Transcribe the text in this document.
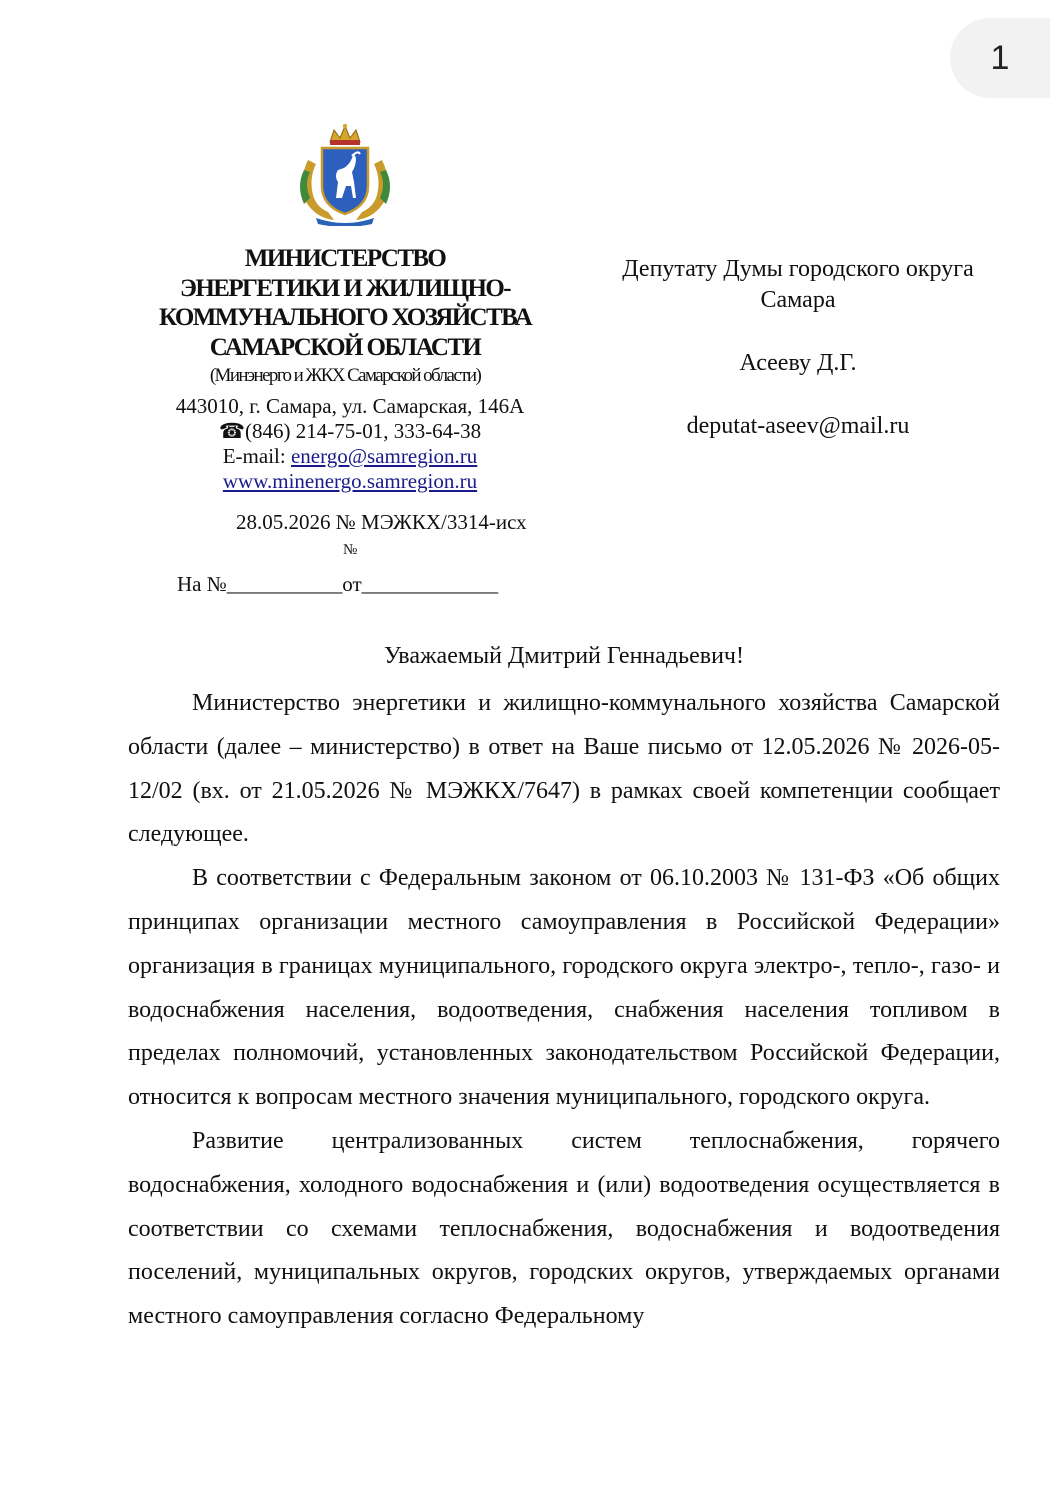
1
МИНИСТЕРСТВО
ЭНЕРГЕТИКИ И ЖИЛИЩНО-
КОММУНАЛЬНОГО ХОЗЯЙСТВА
САМАРСКОЙ ОБЛАСТИ
(Минэнерго и ЖКХ Самарской области)
443010, г. Самара, ул. Самарская, 146А
☎(846) 214-75-01, 333-64-38
E-mail: energo@samregion.ru
www.minenergo.samregion.ru
28.05.2026 № МЭЖКХ/3314-исх
№
На №___________от_____________
Депутату Думы городского округа
Самара
Асееву Д.Г.
deputat-aseev@mail.ru
Уважаемый Дмитрий Геннадьевич!

Министерство энергетики и жилищно-коммунального хозяйства Самарской области (далее – министерство) в ответ на Ваше письмо от 12.05.2026 № 2026-05-12/02 (вх. от 21.05.2026 № МЭЖКХ/7647) в рамках своей компетенции сообщает следующее.

В соответствии с Федеральным законом от 06.10.2003 № 131-ФЗ «Об общих принципах организации местного самоуправления в Российской Федерации» организация в границах муниципального, городского округа электро-, тепло-, газо- и водоснабжения населения, водоотведения, снабжения населения топливом в пределах полномочий, установленных законодательством Российской Федерации, относится к вопросам местного значения муниципального, городского округа.

Развитие централизованных систем теплоснабжения, горячего водоснабжения, холодного водоснабжения и (или) водоотведения осуществляется в соответствии со схемами теплоснабжения, водоснабжения и водоотведения поселений, муниципальных округов, городских округов, утверждаемых органами местного самоуправления согласно Федеральному
